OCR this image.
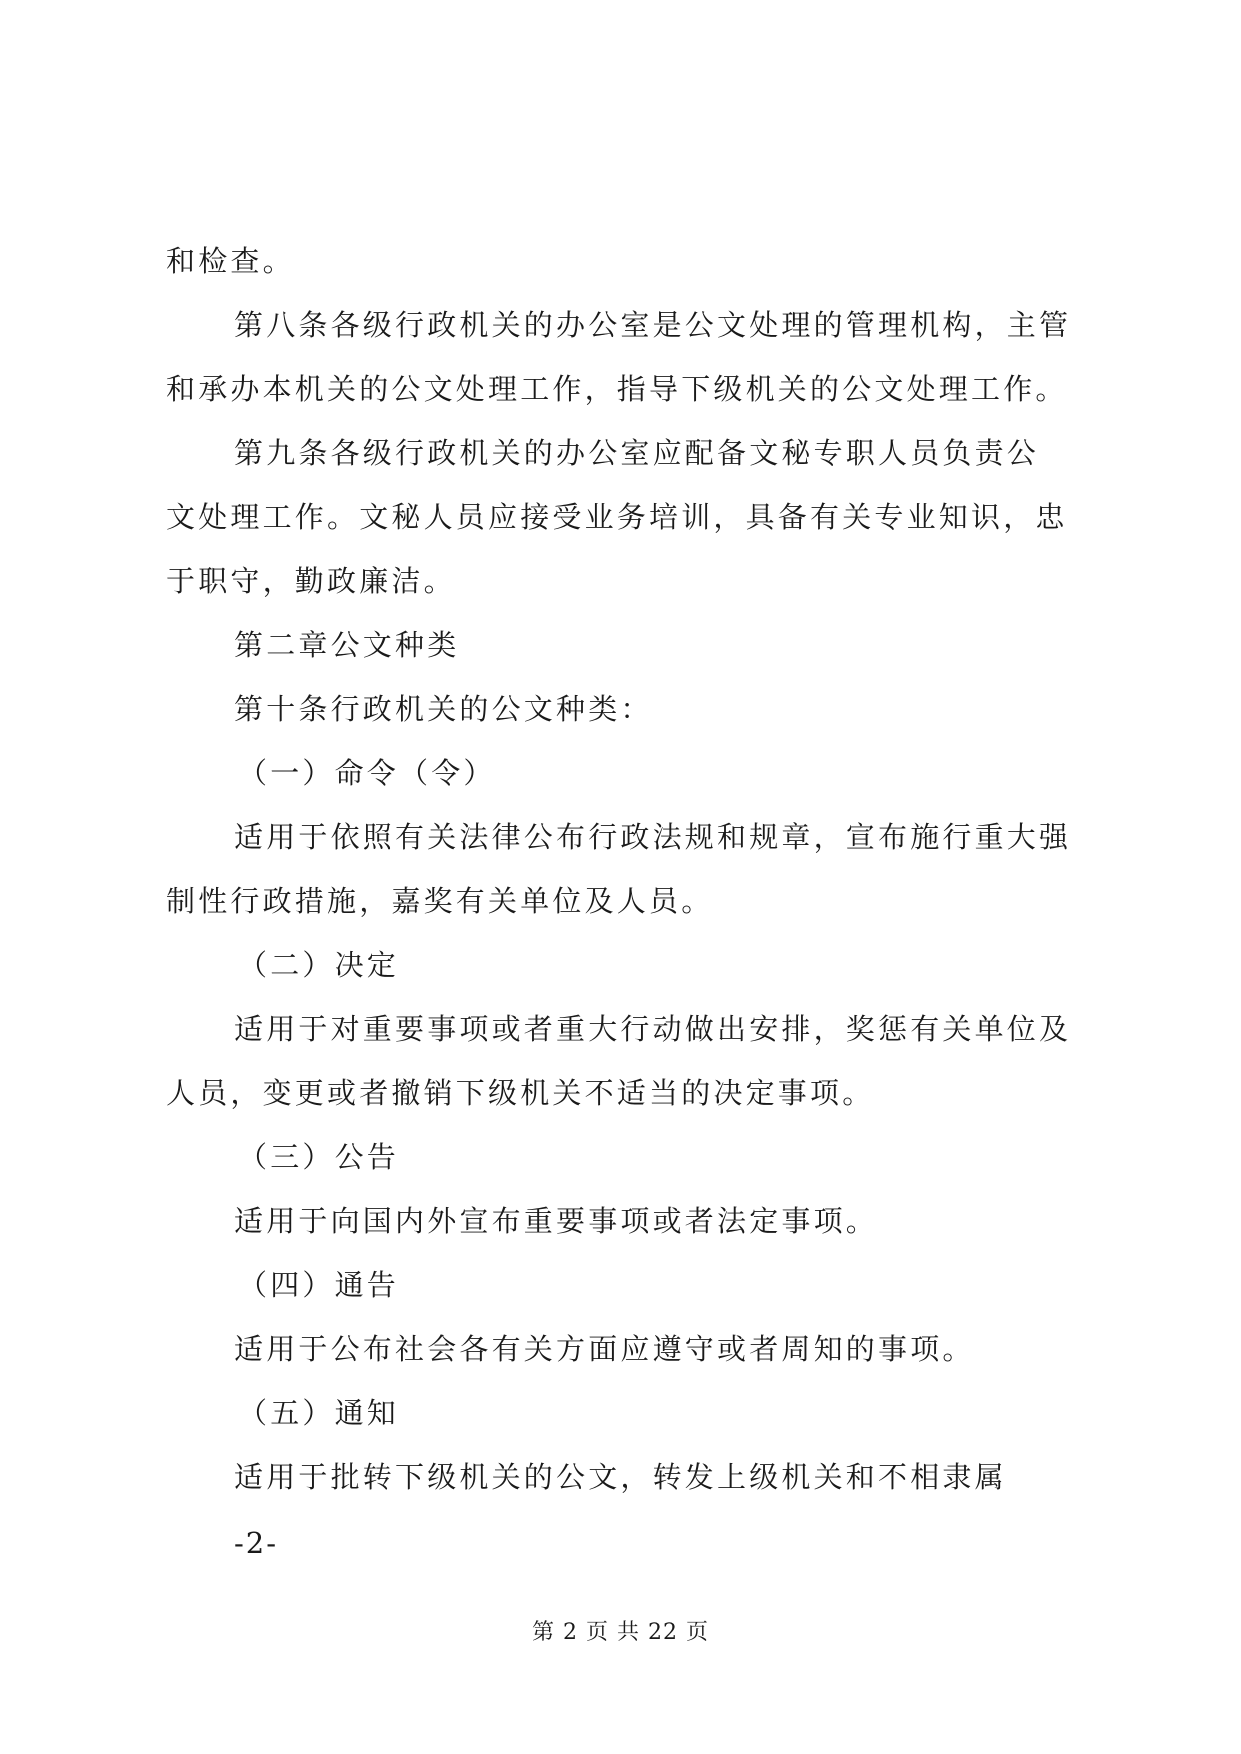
和检查。
第八条各级行政机关的办公室是公文处理的管理机构，主管
和承办本机关的公文处理工作，指导下级机关的公文处理工作。
第九条各级行政机关的办公室应配备文秘专职人员负责公
文处理工作。文秘人员应接受业务培训，具备有关专业知识，忠
于职守，勤政廉洁。
第二章公文种类
第十条行政机关的公文种类：
（一）命令（令）
适用于依照有关法律公布行政法规和规章，宣布施行重大强
制性行政措施，嘉奖有关单位及人员。
（二）决定
适用于对重要事项或者重大行动做出安排，奖惩有关单位及
人员，变更或者撤销下级机关不适当的决定事项。
（三）公告
适用于向国内外宣布重要事项或者法定事项。
（四）通告
适用于公布社会各有关方面应遵守或者周知的事项。
（五）通知
适用于批转下级机关的公文，转发上级机关和不相隶属
-2-
第 2 页 共 22 页
